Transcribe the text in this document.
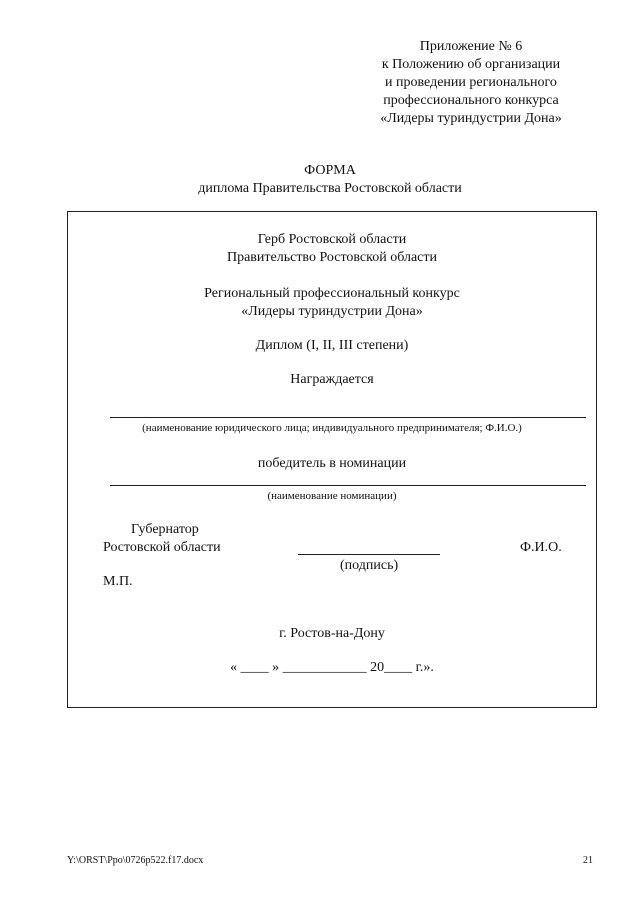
Приложение № 6
к Положению об организации
и проведении регионального
профессионального конкурса
«Лидеры туриндустрии Дона»
ФОРМА
диплома Правительства Ростовской области
Герб Ростовской области
Правительство Ростовской области
Региональный профессиональный конкурс
«Лидеры туриндустрии Дона»
Диплом (I, II, III степени)
Награждается
(наименование юридического лица; индивидуального предпринимателя; Ф.И.О.)
победитель в номинации
(наименование номинации)
Губернатор
Ростовской области
(подпись)
Ф.И.О.
М.П.
г. Ростов-на-Дону
« ____ » ____________ 20____ г.».
Y:\ORST\Ppo\0726p522.f17.docx	21
